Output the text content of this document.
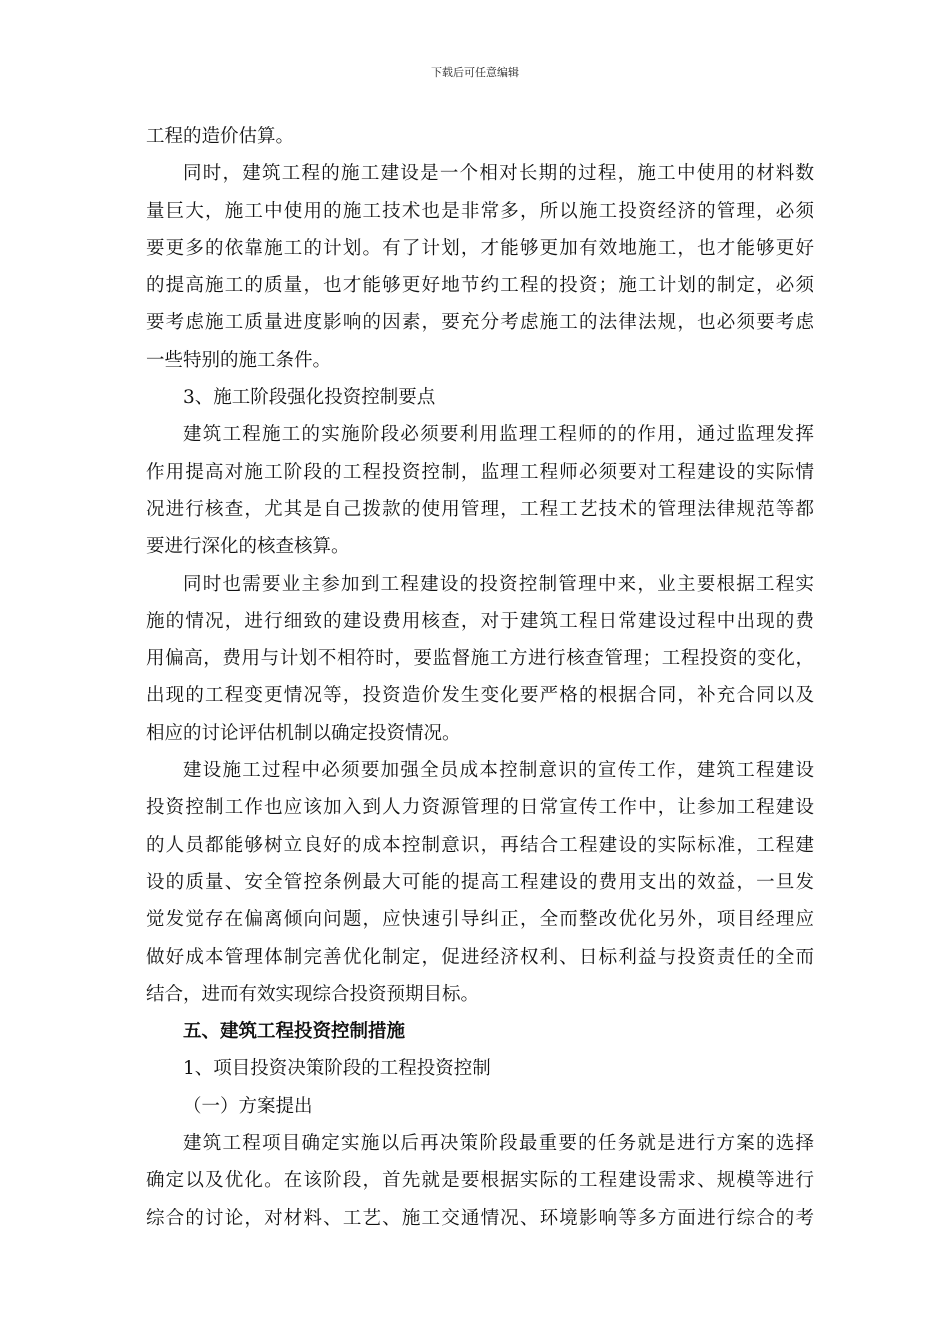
下载后可任意编辑
工程的造价估算。
同时，建筑工程的施工建设是一个相对长期的过程，施工中使用的材料数
量巨大，施工中使用的施工技术也是非常多，所以施工投资经济的管理，必须
要更多的依靠施工的计划。有了计划，才能够更加有效地施工，也才能够更好
的提高施工的质量，也才能够更好地节约工程的投资；施工计划的制定，必须
要考虑施工质量进度影响的因素，要充分考虑施工的法律法规，也必须要考虑
一些特别的施工条件。
3、施工阶段强化投资控制要点
建筑工程施工的实施阶段必须要利用监理工程师的的作用，通过监理发挥
作用提高对施工阶段的工程投资控制，监理工程师必须要对工程建设的实际情
况进行核查，尤其是自己拨款的使用管理，工程工艺技术的管理法律规范等都
要进行深化的核查核算。
同时也需要业主参加到工程建设的投资控制管理中来，业主要根据工程实
施的情况，进行细致的建设费用核查，对于建筑工程日常建设过程中出现的费
用偏高，费用与计划不相符时，要监督施工方进行核查管理；工程投资的变化，
出现的工程变更情况等，投资造价发生变化要严格的根据合同，补充合同以及
相应的讨论评估机制以确定投资情况。
建设施工过程中必须要加强全员成本控制意识的宣传工作，建筑工程建设
投资控制工作也应该加入到人力资源管理的日常宣传工作中，让参加工程建设
的人员都能够树立良好的成本控制意识，再结合工程建设的实际标准，工程建
设的质量、安全管控条例最大可能的提高工程建设的费用支出的效益，一旦发
觉发觉存在偏离倾向问题，应快速引导纠正，全而整改优化另外，项目经理应
做好成本管理体制完善优化制定，促进经济权利、日标利益与投资责任的全而
结合，进而有效实现综合投资预期目标。
五、建筑工程投资控制措施
1、项目投资决策阶段的工程投资控制
（一）方案提出
建筑工程项目确定实施以后再决策阶段最重要的任务就是进行方案的选择
确定以及优化。在该阶段，首先就是要根据实际的工程建设需求、规模等进行
综合的讨论，对材料、工艺、施工交通情况、环境影响等多方面进行综合的考
